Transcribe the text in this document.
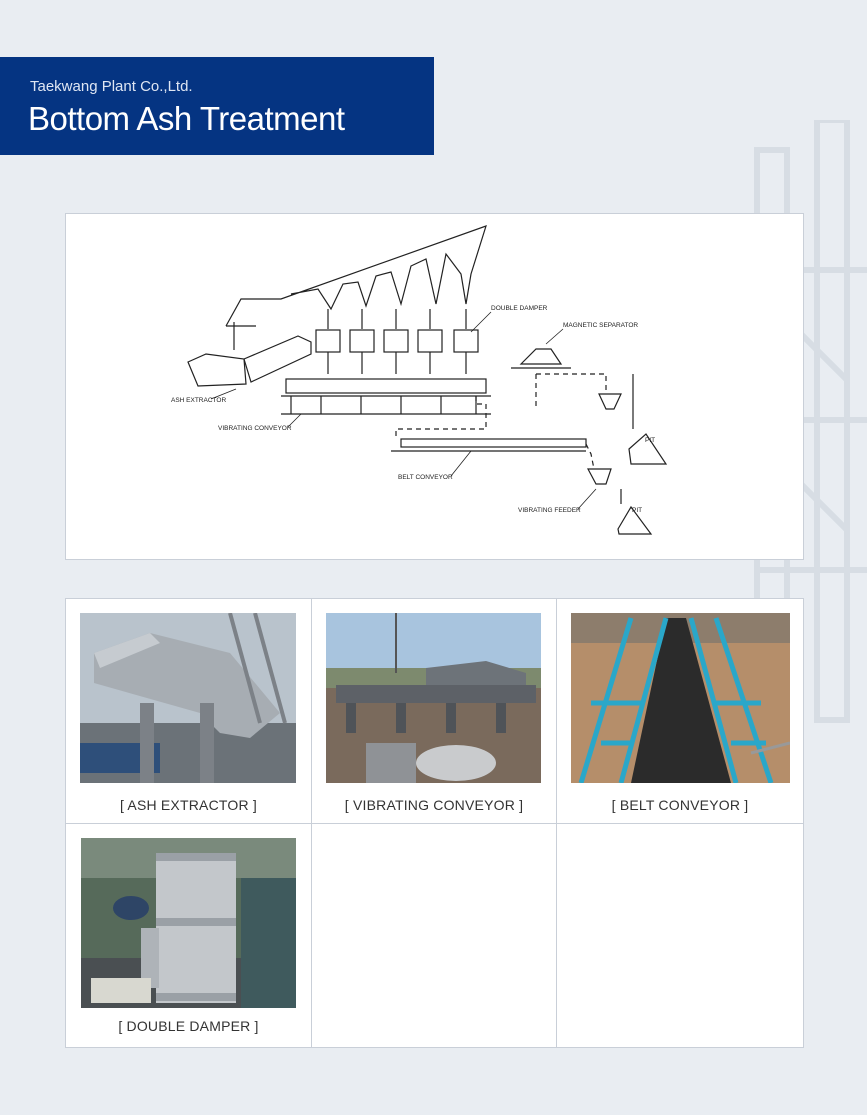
Taekwang Plant Co.,Ltd.
Bottom Ash Treatment
DOUBLE DAMPER
MAGNETIC SEPARATOR
ASH EXTRACTOR
VIBRATING CONVEYOR
BELT CONVEYOR
VIBRATING FEEDER
PIT
PIT
[ ASH EXTRACTOR ]	[ VIBRATING CONVEYOR ]	[ BELT CONVEYOR ]
[ DOUBLE DAMPER ]
